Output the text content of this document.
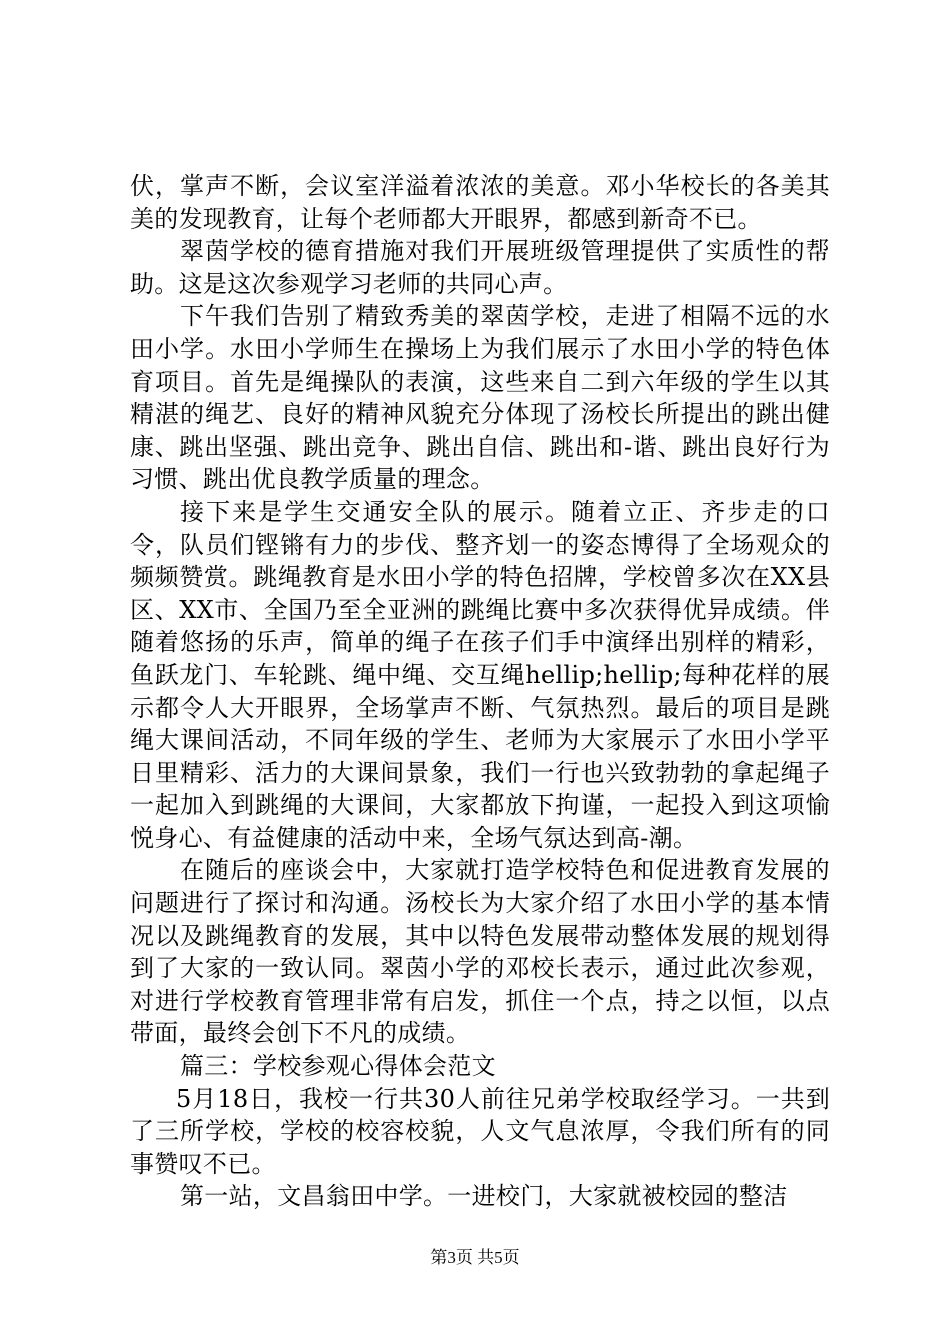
伏，掌声不断，会议室洋溢着浓浓的美意。邓小华校长的各美其美的发现教育，让每个老师都大开眼界，都感到新奇不已。

翠茵学校的德育措施对我们开展班级管理提供了实质性的帮助。这是这次参观学习老师的共同心声。

下午我们告别了精致秀美的翠茵学校，走进了相隔不远的水田小学。水田小学师生在操场上为我们展示了水田小学的特色体育项目。首先是绳操队的表演，这些来自二到六年级的学生以其精湛的绳艺、良好的精神风貌充分体现了汤校长所提出的跳出健康、跳出坚强、跳出竞争、跳出自信、跳出和-谐、跳出良好行为习惯、跳出优良教学质量的理念。

接下来是学生交通安全队的展示。随着立正、齐步走的口令，队员们铿锵有力的步伐、整齐划一的姿态博得了全场观众的频频赞赏。跳绳教育是水田小学的特色招牌，学校曾多次在XX县区、XX市、全国乃至全亚洲的跳绳比赛中多次获得优异成绩。伴随着悠扬的乐声，简单的绳子在孩子们手中演绎出别样的精彩，鱼跃龙门、车轮跳、绳中绳、交互绳hellip;hellip;每种花样的展示都令人大开眼界，全场掌声不断、气氛热烈。最后的项目是跳绳大课间活动，不同年级的学生、老师为大家展示了水田小学平日里精彩、活力的大课间景象，我们一行也兴致勃勃的拿起绳子一起加入到跳绳的大课间，大家都放下拘谨，一起投入到这项愉悦身心、有益健康的活动中来，全场气氛达到高-潮。

在随后的座谈会中，大家就打造学校特色和促进教育发展的问题进行了探讨和沟通。汤校长为大家介绍了水田小学的基本情况以及跳绳教育的发展，其中以特色发展带动整体发展的规划得到了大家的一致认同。翠茵小学的邓校长表示，通过此次参观，对进行学校教育管理非常有启发，抓住一个点，持之以恒，以点带面，最终会创下不凡的成绩。

篇三：学校参观心得体会范文

5月18日，我校一行共30人前往兄弟学校取经学习。一共到了三所学校，学校的校容校貌，人文气息浓厚，令我们所有的同事赞叹不已。

第一站，文昌翁田中学。一进校门，大家就被校园的整洁

第3页 共5页
